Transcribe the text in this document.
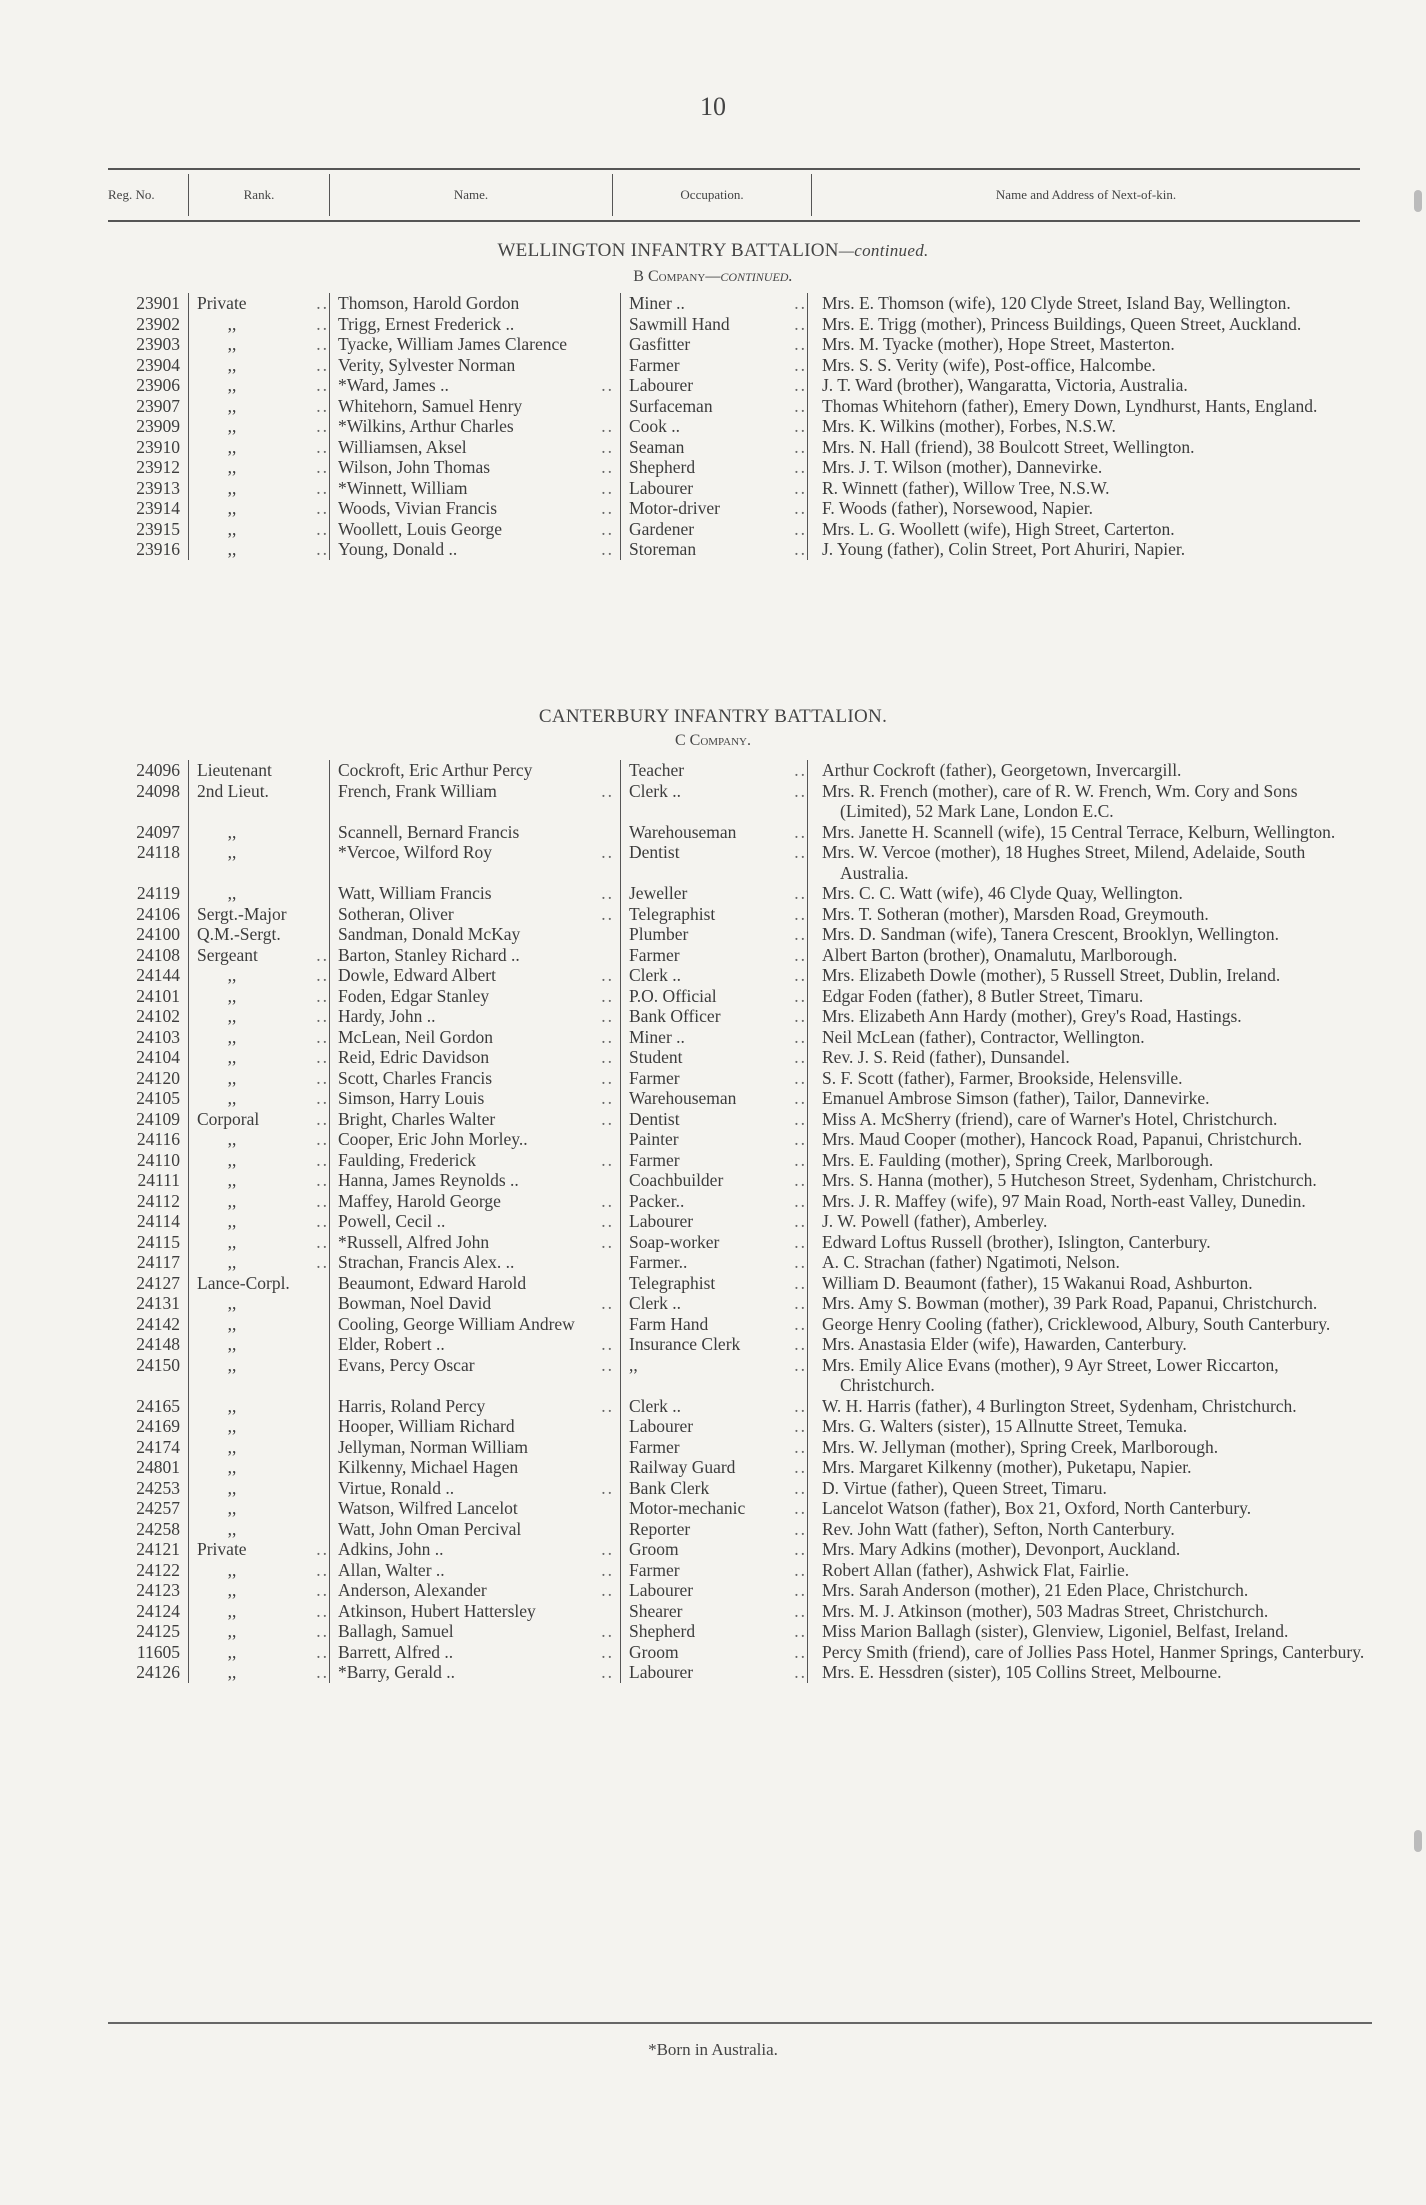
10
Reg. No.	Rank.	Name.	Occupation.	Name and Address of Next-of-kin.
WELLINGTON INFANTRY BATTALION—continued.
B Company—continued.
23901	Private ..	Thomson, Harold Gordon	Miner .. ..	Mrs. E. Thomson (wife), 120 Clyde Street, Island Bay, Wellington.

23902	,, ..	Trigg, Ernest Frederick ..	Sawmill Hand ..	Mrs. E. Trigg (mother), Princess Buildings, Queen Street, Auckland.

23903	,, ..	Tyacke, William James Clarence	Gasfitter ..	Mrs. M. Tyacke (mother), Hope Street, Masterton.

23904	,, ..	Verity, Sylvester Norman	Farmer ..	Mrs. S. S. Verity (wife), Post-office, Halcombe.

23906	,, ..	*Ward, James .. ..	Labourer ..	J. T. Ward (brother), Wangaratta, Victoria, Australia.

23907	,, ..	Whitehorn, Samuel Henry	Surfaceman ..	Thomas Whitehorn (father), Emery Down, Lyndhurst, Hants, England.

23909	,, ..	*Wilkins, Arthur Charles ..	Cook .. ..	Mrs. K. Wilkins (mother), Forbes, N.S.W.

23910	,, ..	Williamsen, Aksel ..	Seaman ..	Mrs. N. Hall (friend), 38 Boulcott Street, Wellington.

23912	,, ..	Wilson, John Thomas ..	Shepherd ..	Mrs. J. T. Wilson (mother), Dannevirke.

23913	,, ..	*Winnett, William ..	Labourer ..	R. Winnett (father), Willow Tree, N.S.W.

23914	,, ..	Woods, Vivian Francis ..	Motor-driver ..	F. Woods (father), Norsewood, Napier.

23915	,, ..	Woollett, Louis George ..	Gardener ..	Mrs. L. G. Woollett (wife), High Street, Carterton.

23916	,, ..	Young, Donald .. ..	Storeman ..	J. Young (father), Colin Street, Port Ahuriri, Napier.
CANTERBURY INFANTRY BATTALION.
C Company.
24096	Lieutenant	Cockroft, Eric Arthur Percy	Teacher ..	Arthur Cockroft (father), Georgetown, Invercargill.

24098	2nd Lieut.	French, Frank William ..	Clerk .. ..	Mrs. R. French (mother), care of R. W. French, Wm. Cory and Sons (Limited), 52 Mark Lane, London E.C.

24097	,,	Scannell, Bernard Francis	Warehouseman ..	Mrs. Janette H. Scannell (wife), 15 Central Terrace, Kelburn, Wellington.

24118	,,	*Vercoe, Wilford Roy ..	Dentist ..	Mrs. W. Vercoe (mother), 18 Hughes Street, Milend, Adelaide, South Australia.

24119	,,	Watt, William Francis ..	Jeweller ..	Mrs. C. C. Watt (wife), 46 Clyde Quay, Wellington.

24106	Sergt.-Major	Sotheran, Oliver ..	Telegraphist ..	Mrs. T. Sotheran (mother), Marsden Road, Greymouth.

24100	Q.M.-Sergt.	Sandman, Donald McKay	Plumber ..	Mrs. D. Sandman (wife), Tanera Crescent, Brooklyn, Wellington.

24108	Sergeant ..	Barton, Stanley Richard ..	Farmer ..	Albert Barton (brother), Onamalutu, Marlborough.

24144	,, ..	Dowle, Edward Albert ..	Clerk .. ..	Mrs. Elizabeth Dowle (mother), 5 Russell Street, Dublin, Ireland.

24101	,, ..	Foden, Edgar Stanley ..	P.O. Official ..	Edgar Foden (father), 8 Butler Street, Timaru.

24102	,, ..	Hardy, John .. ..	Bank Officer ..	Mrs. Elizabeth Ann Hardy (mother), Grey's Road, Hastings.

24103	,, ..	McLean, Neil Gordon ..	Miner .. ..	Neil McLean (father), Contractor, Wellington.

24104	,, ..	Reid, Edric Davidson ..	Student ..	Rev. J. S. Reid (father), Dunsandel.

24120	,, ..	Scott, Charles Francis ..	Farmer ..	S. F. Scott (father), Farmer, Brookside, Helensville.

24105	,, ..	Simson, Harry Louis ..	Warehouseman ..	Emanuel Ambrose Simson (father), Tailor, Dannevirke.

24109	Corporal ..	Bright, Charles Walter ..	Dentist ..	Miss A. McSherry (friend), care of Warner's Hotel, Christchurch.

24116	,, ..	Cooper, Eric John Morley..	Painter ..	Mrs. Maud Cooper (mother), Hancock Road, Papanui, Christchurch.

24110	,, ..	Faulding, Frederick ..	Farmer ..	Mrs. E. Faulding (mother), Spring Creek, Marlborough.

24111	,, ..	Hanna, James Reynolds ..	Coachbuilder ..	Mrs. S. Hanna (mother), 5 Hutcheson Street, Sydenham, Christchurch.

24112	,, ..	Maffey, Harold George ..	Packer.. ..	Mrs. J. R. Maffey (wife), 97 Main Road, North-east Valley, Dunedin.

24114	,, ..	Powell, Cecil .. ..	Labourer ..	J. W. Powell (father), Amberley.

24115	,, ..	*Russell, Alfred John ..	Soap-worker ..	Edward Loftus Russell (brother), Islington, Canterbury.

24117	,, ..	Strachan, Francis Alex. ..	Farmer.. ..	A. C. Strachan (father) Ngatimoti, Nelson.

24127	Lance-Corpl.	Beaumont, Edward Harold	Telegraphist ..	William D. Beaumont (father), 15 Wakanui Road, Ashburton.

24131	,,	Bowman, Noel David ..	Clerk .. ..	Mrs. Amy S. Bowman (mother), 39 Park Road, Papanui, Christchurch.

24142	,,	Cooling, George William Andrew	Farm Hand ..	George Henry Cooling (father), Cricklewood, Albury, South Canterbury.

24148	,,	Elder, Robert .. ..	Insurance Clerk ..	Mrs. Anastasia Elder (wife), Hawarden, Canterbury.

24150	,,	Evans, Percy Oscar ..	,, ..	Mrs. Emily Alice Evans (mother), 9 Ayr Street, Lower Riccarton, Christchurch.

24165	,,	Harris, Roland Percy ..	Clerk .. ..	W. H. Harris (father), 4 Burlington Street, Sydenham, Christchurch.

24169	,,	Hooper, William Richard	Labourer ..	Mrs. G. Walters (sister), 15 Allnutte Street, Temuka.

24174	,,	Jellyman, Norman William	Farmer ..	Mrs. W. Jellyman (mother), Spring Creek, Marlborough.

24801	,,	Kilkenny, Michael Hagen	Railway Guard ..	Mrs. Margaret Kilkenny (mother), Puketapu, Napier.

24253	,,	Virtue, Ronald .. ..	Bank Clerk ..	D. Virtue (father), Queen Street, Timaru.

24257	,,	Watson, Wilfred Lancelot	Motor-mechanic ..	Lancelot Watson (father), Box 21, Oxford, North Canterbury.

24258	,,	Watt, John Oman Percival	Reporter ..	Rev. John Watt (father), Sefton, North Canterbury.

24121	Private ..	Adkins, John .. ..	Groom ..	Mrs. Mary Adkins (mother), Devonport, Auckland.

24122	,, ..	Allan, Walter .. ..	Farmer ..	Robert Allan (father), Ashwick Flat, Fairlie.

24123	,, ..	Anderson, Alexander ..	Labourer ..	Mrs. Sarah Anderson (mother), 21 Eden Place, Christchurch.

24124	,, ..	Atkinson, Hubert Hattersley	Shearer ..	Mrs. M. J. Atkinson (mother), 503 Madras Street, Christchurch.

24125	,, ..	Ballagh, Samuel ..	Shepherd ..	Miss Marion Ballagh (sister), Glenview, Ligoniel, Belfast, Ireland.

11605	,, ..	Barrett, Alfred .. ..	Groom ..	Percy Smith (friend), care of Jollies Pass Hotel, Hanmer Springs, Canterbury.

24126	,, ..	*Barry, Gerald .. ..	Labourer ..	Mrs. E. Hessdren (sister), 105 Collins Street, Melbourne.
*Born in Australia.
